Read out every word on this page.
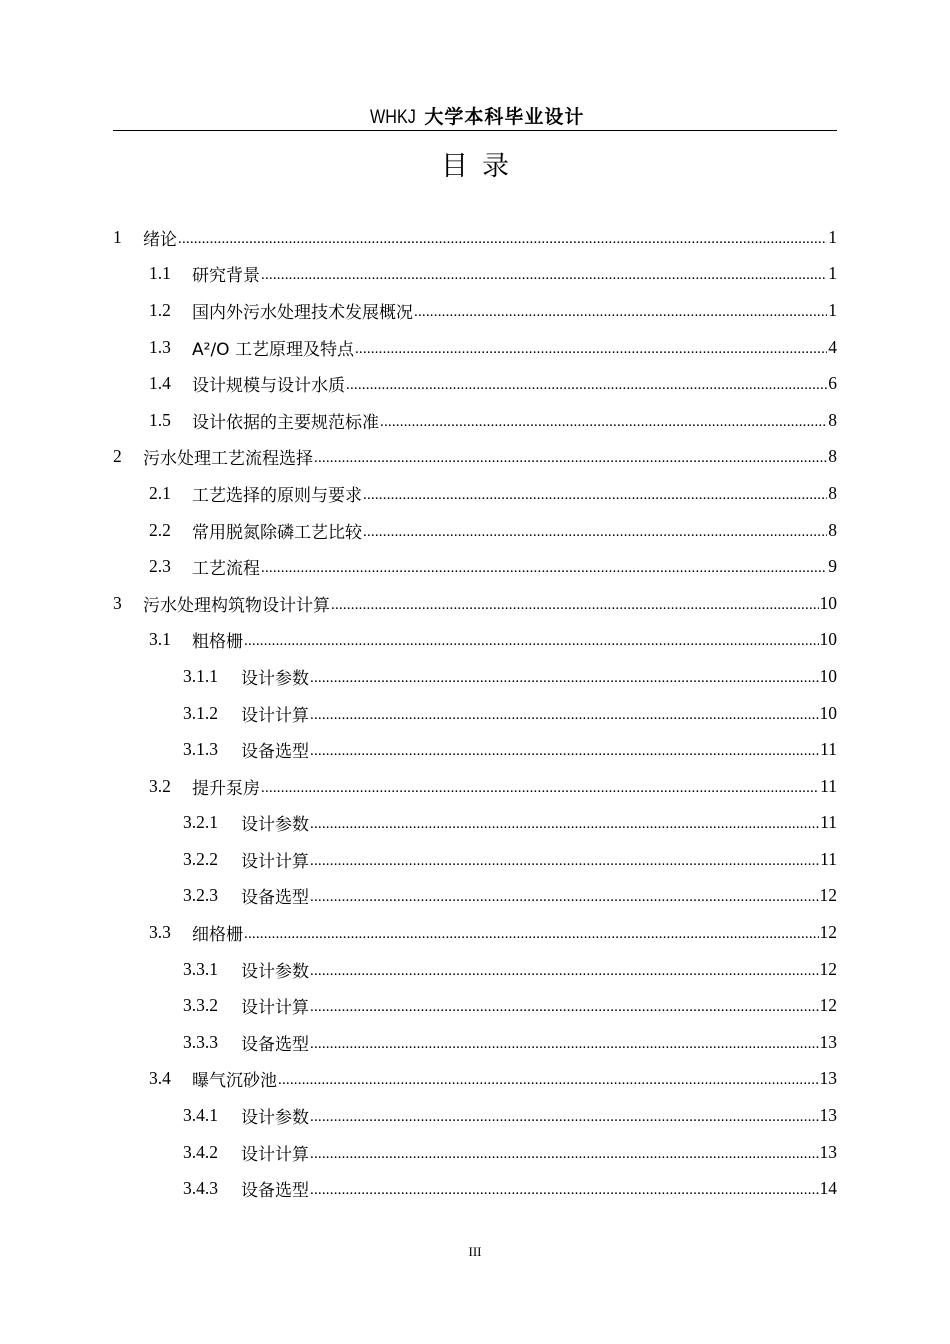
WHKJ 大学本科毕业设计
目录
1	绪论 .....	1
1.1	研究背景 .....	1
1.2	国内外污水处理技术发展概况 .....	1
1.3	A²/O 工艺原理及特点 .....	4
1.4	设计规模与设计水质 .....	6
1.5	设计依据的主要规范标准 .....	8
2	污水处理工艺流程选择 .....	8
2.1	工艺选择的原则与要求 .....	8
2.2	常用脱氮除磷工艺比较 .....	8
2.3	工艺流程 .....	9
3	污水处理构筑物设计计算 .....	10
3.1	粗格栅 .....	10
3.1.1	设计参数 .....	10
3.1.2	设计计算 .....	10
3.1.3	设备选型 .....	11
3.2	提升泵房 .....	11
3.2.1	设计参数 .....	11
3.2.2	设计计算 .....	11
3.2.3	设备选型 .....	12
3.3	细格栅 .....	12
3.3.1	设计参数 .....	12
3.3.2	设计计算 .....	12
3.3.3	设备选型 .....	13
3.4	曝气沉砂池 .....	13
3.4.1	设计参数 .....	13
3.4.2	设计计算 .....	13
3.4.3	设备选型 .....	14
III
